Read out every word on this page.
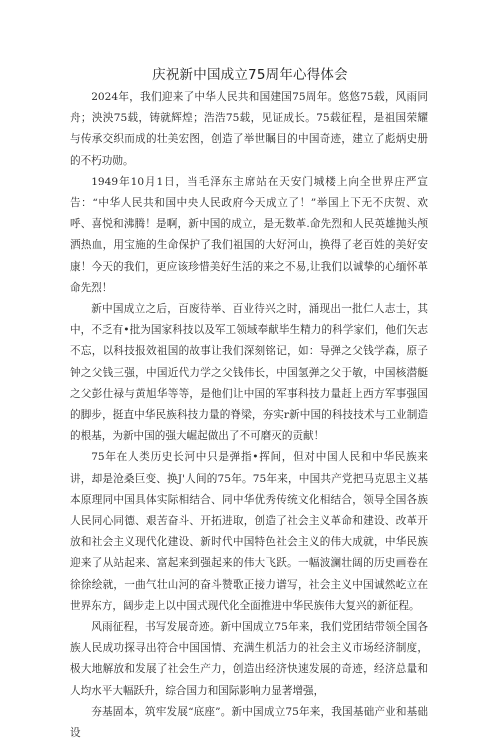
庆祝新中国成立75周年心得体会

2024年，我们迎来了中华人民共和国建国75周年。悠悠75载，风雨同舟；泱泱75载，铸就辉煌；浩浩75载，见证成长。75载征程，是祖国荣耀与传承交织而成的壮美宏图，创造了举世瞩目的中国奇迹，建立了彪炳史册的不朽功勋。

1949年10月1日，当毛泽东主席站在天安门城楼上向全世界庄严宣告：“中华人民共和国中央人民政府今天成立了！”举国上下无不庆贺、欢呼、喜悦和沸腾！是啊，新中国的成立，是无数革.命先烈和人民英雄抛头颅洒热血，用宝施的生命保护了我们祖国的大好河山，换得了老百姓的美好安康！今天的我们，更应该珍惜美好生活的来之不易,让我们以诚挚的心缅怀革命先烈！

新中国成立之后，百废待举、百业待兴之时，涌现出一批仁人志士，其中，不乏有•批为国家科技以及军工领域奉献毕生精力的科学家们，他们矢志不忘，以科技报效祖国的故事让我们深刻铭记，如：导弹之父钱学森，原子钟之父钱三强，中国近代力学之父钱伟长，中国氢弹之父于敏，中国核潜艇之父彭仕禄与黄旭华等等，是他们让中国的军事科技力量赶上西方军事强国的脚步，挺直中华民族科技力量的脊梁，夯实r新中国的科技技术与工业制造的根基，为新中国的强大崛起做出了不可磨灭的贡献！

75年在人类历史长河中只是弹指•挥间，但对中国人民和中华民族来讲，却是沧桑巨变、换J'人间的75年。75年来，中国共产党把马克思主义基本原理同中国具体实际相结合、同中华优秀传统文化相结合，领导全国各族人民同心同德、艰苦奋斗、开拓进取，创造了社会主义革命和建设、改革开放和社会主义现代化建设、新时代中国特色社会主义的伟大成就，中华民族迎来了从站起来、富起来到强起来的伟大飞跃。一幅波澜壮阔的历史画卷在徐徐绘就，一曲气壮山河的奋斗赞歌正接力谱写，社会主义中国诚然屹立在世界东方，阔步走上以中国式现代化全面推进中华民族伟大复兴的新征程。

风雨征程，书写发展奇迹。新中国成立75年来，我们党团结带领全国各族人民成功探寻出符合中国国情、充满生机活力的社会主义市场经济制度，极大地解放和发展了社会生产力，创造出经济快速发展的奇迹，经济总量和人均水平大幅跃升，综合国力和国际影响力显著增强，

夯基固本，筑牢发展“底座”。新中国成立75年来，我国基础产业和基础设
